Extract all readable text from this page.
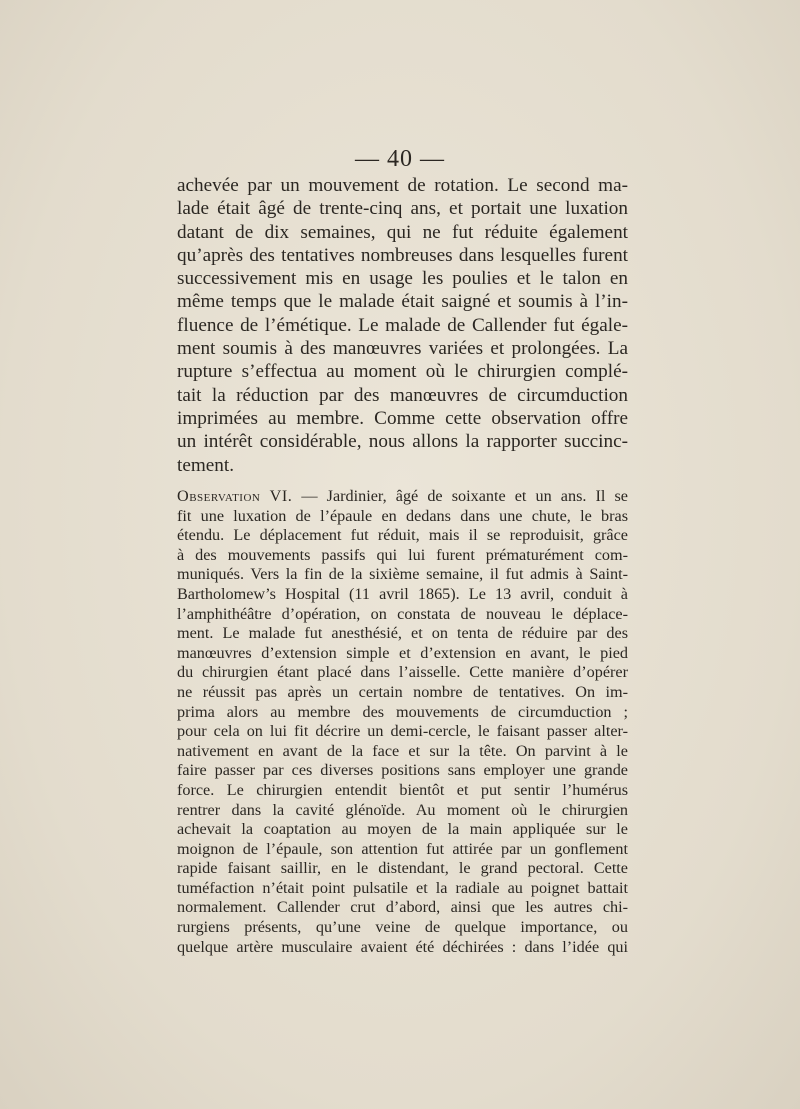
— 40 —
achevée par un mouvement de rotation. Le second ma-
lade était âgé de trente-cinq ans, et portait une luxation
datant de dix semaines, qui ne fut réduite également
qu’après des tentatives nombreuses dans lesquelles furent
successivement mis en usage les poulies et le talon en
même temps que le malade était saigné et soumis à l’in-
fluence de l’émétique. Le malade de Callender fut égale-
ment soumis à des manœuvres variées et prolongées. La
rupture s’effectua au moment où le chirurgien complé-
tait la réduction par des manœuvres de circumduction
imprimées au membre. Comme cette observation offre
un intérêt considérable, nous allons la rapporter succinc-
tement.
Observation VI. — Jardinier, âgé de soixante et un ans. Il se
fit une luxation de l’épaule en dedans dans une chute, le bras
étendu. Le déplacement fut réduit, mais il se reproduisit, grâce
à des mouvements passifs qui lui furent prématurément com-
muniqués. Vers la fin de la sixième semaine, il fut admis à Saint-
Bartholomew’s Hospital (11 avril 1865). Le 13 avril, conduit à
l’amphithéâtre d’opération, on constata de nouveau le déplace-
ment. Le malade fut anesthésié, et on tenta de réduire par des
manœuvres d’extension simple et d’extension en avant, le pied
du chirurgien étant placé dans l’aisselle. Cette manière d’opérer
ne réussit pas après un certain nombre de tentatives. On im-
prima alors au membre des mouvements de circumduction ;
pour cela on lui fit décrire un demi-cercle, le faisant passer alter-
nativement en avant de la face et sur la tête. On parvint à le
faire passer par ces diverses positions sans employer une grande
force. Le chirurgien entendit bientôt et put sentir l’humérus
rentrer dans la cavité glénoïde. Au moment où le chirurgien
achevait la coaptation au moyen de la main appliquée sur le
moignon de l’épaule, son attention fut attirée par un gonflement
rapide faisant saillir, en le distendant, le grand pectoral. Cette
tuméfaction n’était point pulsatile et la radiale au poignet battait
normalement. Callender crut d’abord, ainsi que les autres chi-
rurgiens présents, qu’une veine de quelque importance, ou
quelque artère musculaire avaient été déchirées : dans l’idée qui
